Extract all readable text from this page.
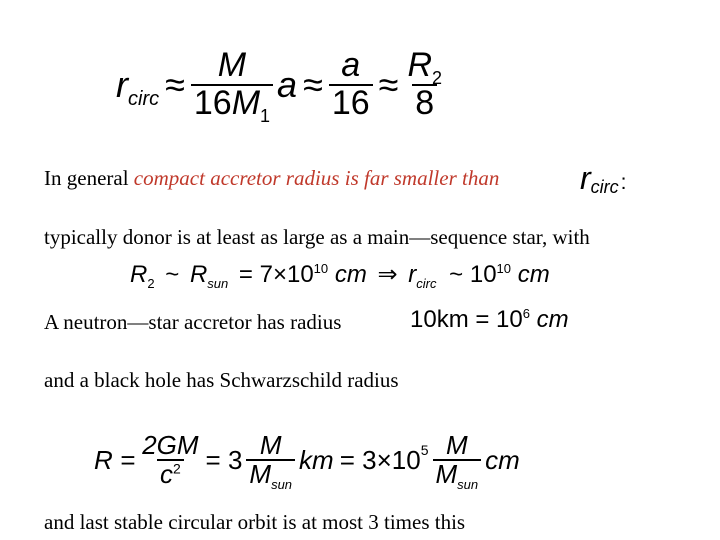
$r_{circ} \approx \frac{M}{16M_1}$ $a \approx \frac{a}{16} \approx \frac{R_2}{8}$
In general compact accretor radius is far smaller than	$r_{circ}$:
typically donor is at least as large as a main—sequence star, with
$R_2$ ~ $R_{sun} = 7\times 10^{10}$ cm ⇒ $r_{circ}$ ~ $10^{10}$ cm
A neutron—star accretor has radius	$10km = 10^6$ cm
and a black hole has Schwarzschild radius
$R = \frac{2GM}{c^2} = 3 \frac{M}{M_{sun}}$ km = $3\times 10^5 \frac{M}{M_{sun}}$ cm
and last stable circular orbit is at most 3 times this
